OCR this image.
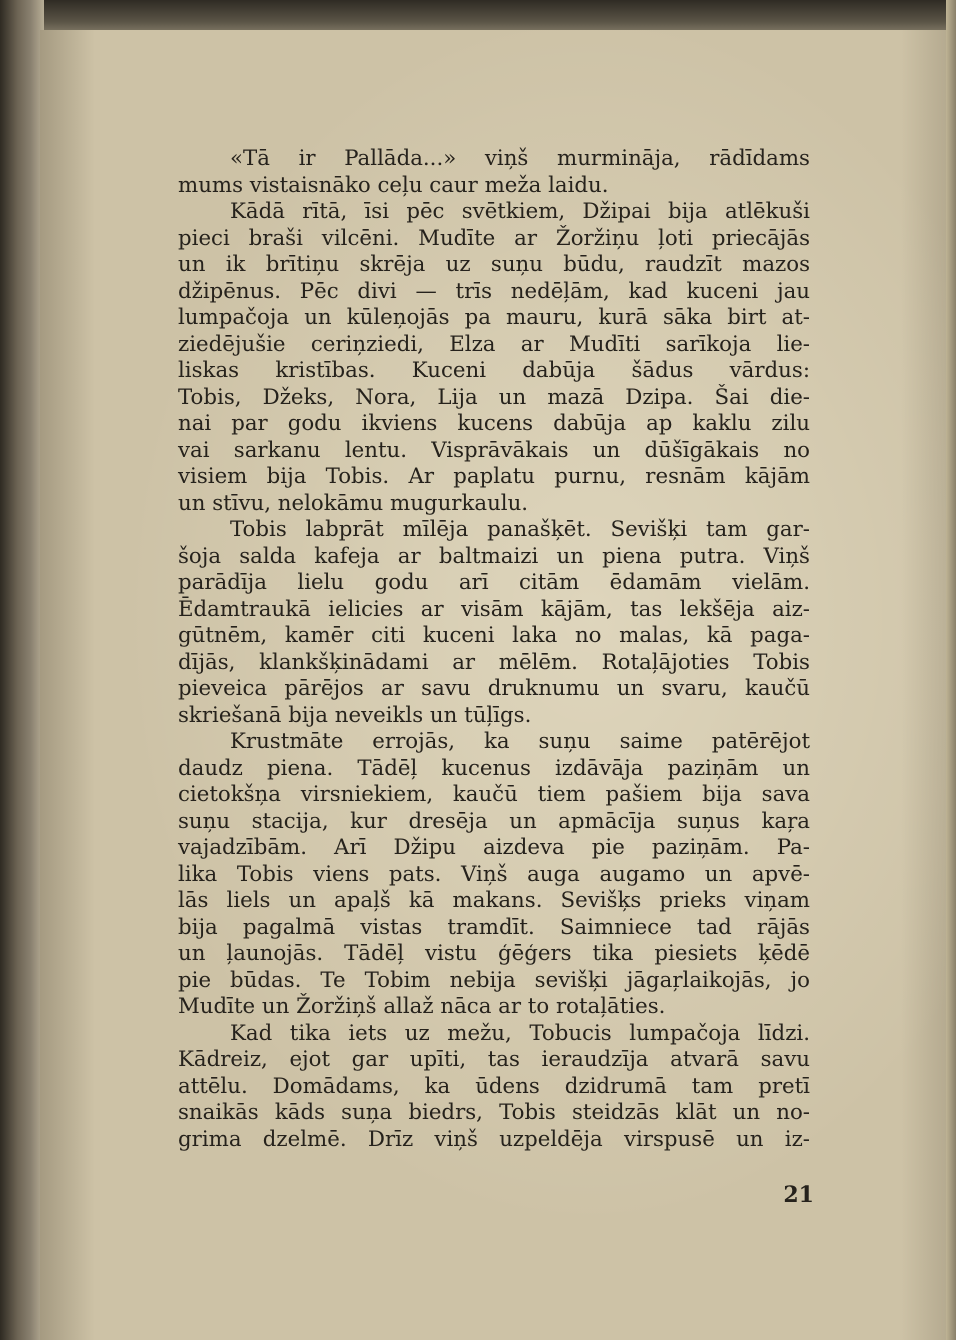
«Tā ir Pallāda...» viņš murmināja, rādīdams
mums vistaisnāko ceļu caur meža laidu.
Kādā rītā, īsi pēc svētkiem, Džipai bija atlēkuši
pieci braši vilcēni. Mudīte ar Žoržiņu ļoti priecājās
un ik brītiņu skrēja uz suņu būdu, raudzīt mazos
džipēnus. Pēc divi — trīs nedēļām, kad kuceni jau
lumpačoja un kūleņojās pa mauru, kurā sāka birt at-
ziedējušie ceriņziedi, Elza ar Mudīti sarīkoja lie-
liskas kristības. Kuceni dabūja šādus vārdus:
Tobis, Džeks, Nora, Lija un mazā Dzipa. Šai die-
nai par godu ikviens kucens dabūja ap kaklu zilu
vai sarkanu lentu. Visprāvākais un dūšīgākais no
visiem bija Tobis. Ar paplatu purnu, resnām kājām
un stīvu, nelokāmu mugurkaulu.
Tobis labprāt mīlēja panašķēt. Sevišķi tam gar-
šoja salda kafeja ar baltmaizi un piena putra. Viņš
parādīja lielu godu arī citām ēdamām vielām.
Ēdamtraukā ielicies ar visām kājām, tas lekšēja aiz-
gūtnēm, kamēr citi kuceni laka no malas, kā paga-
dījās, klankšķinādami ar mēlēm. Rotaļājoties Tobis
pieveica pārējos ar savu druknumu un svaru, kaučū
skriešanā bija neveikls un tūļīgs.
Krustmāte errojās, ka suņu saime patērējot
daudz piena. Tādēļ kucenus izdāvāja paziņām un
cietokšņa virsniekiem, kaučū tiem pašiem bija sava
suņu stacija, kur dresēja un apmācīja suņus kaŗa
vajadzībām. Arī Džipu aizdeva pie paziņām. Pa-
lika Tobis viens pats. Viņš auga augamo un apvē-
lās liels un apaļš kā makans. Sevišķs prieks viņam
bija pagalmā vistas tramdīt. Saimniece tad rājās
un ļaunojās. Tādēļ vistu ģēģers tika piesiets ķēdē
pie būdas. Te Tobim nebija sevišķi jāgaŗlaikojās, jo
Mudīte un Žoržiņš allaž nāca ar to rotaļāties.
Kad tika iets uz mežu, Tobucis lumpačoja līdzi.
Kādreiz, ejot gar upīti, tas ieraudzīja atvarā savu
attēlu. Domādams, ka ūdens dzidrumā tam pretī
snaikās kāds suņa biedrs, Tobis steidzās klāt un no-
grima dzelmē. Drīz viņš uzpeldēja virspusē un iz-
21
